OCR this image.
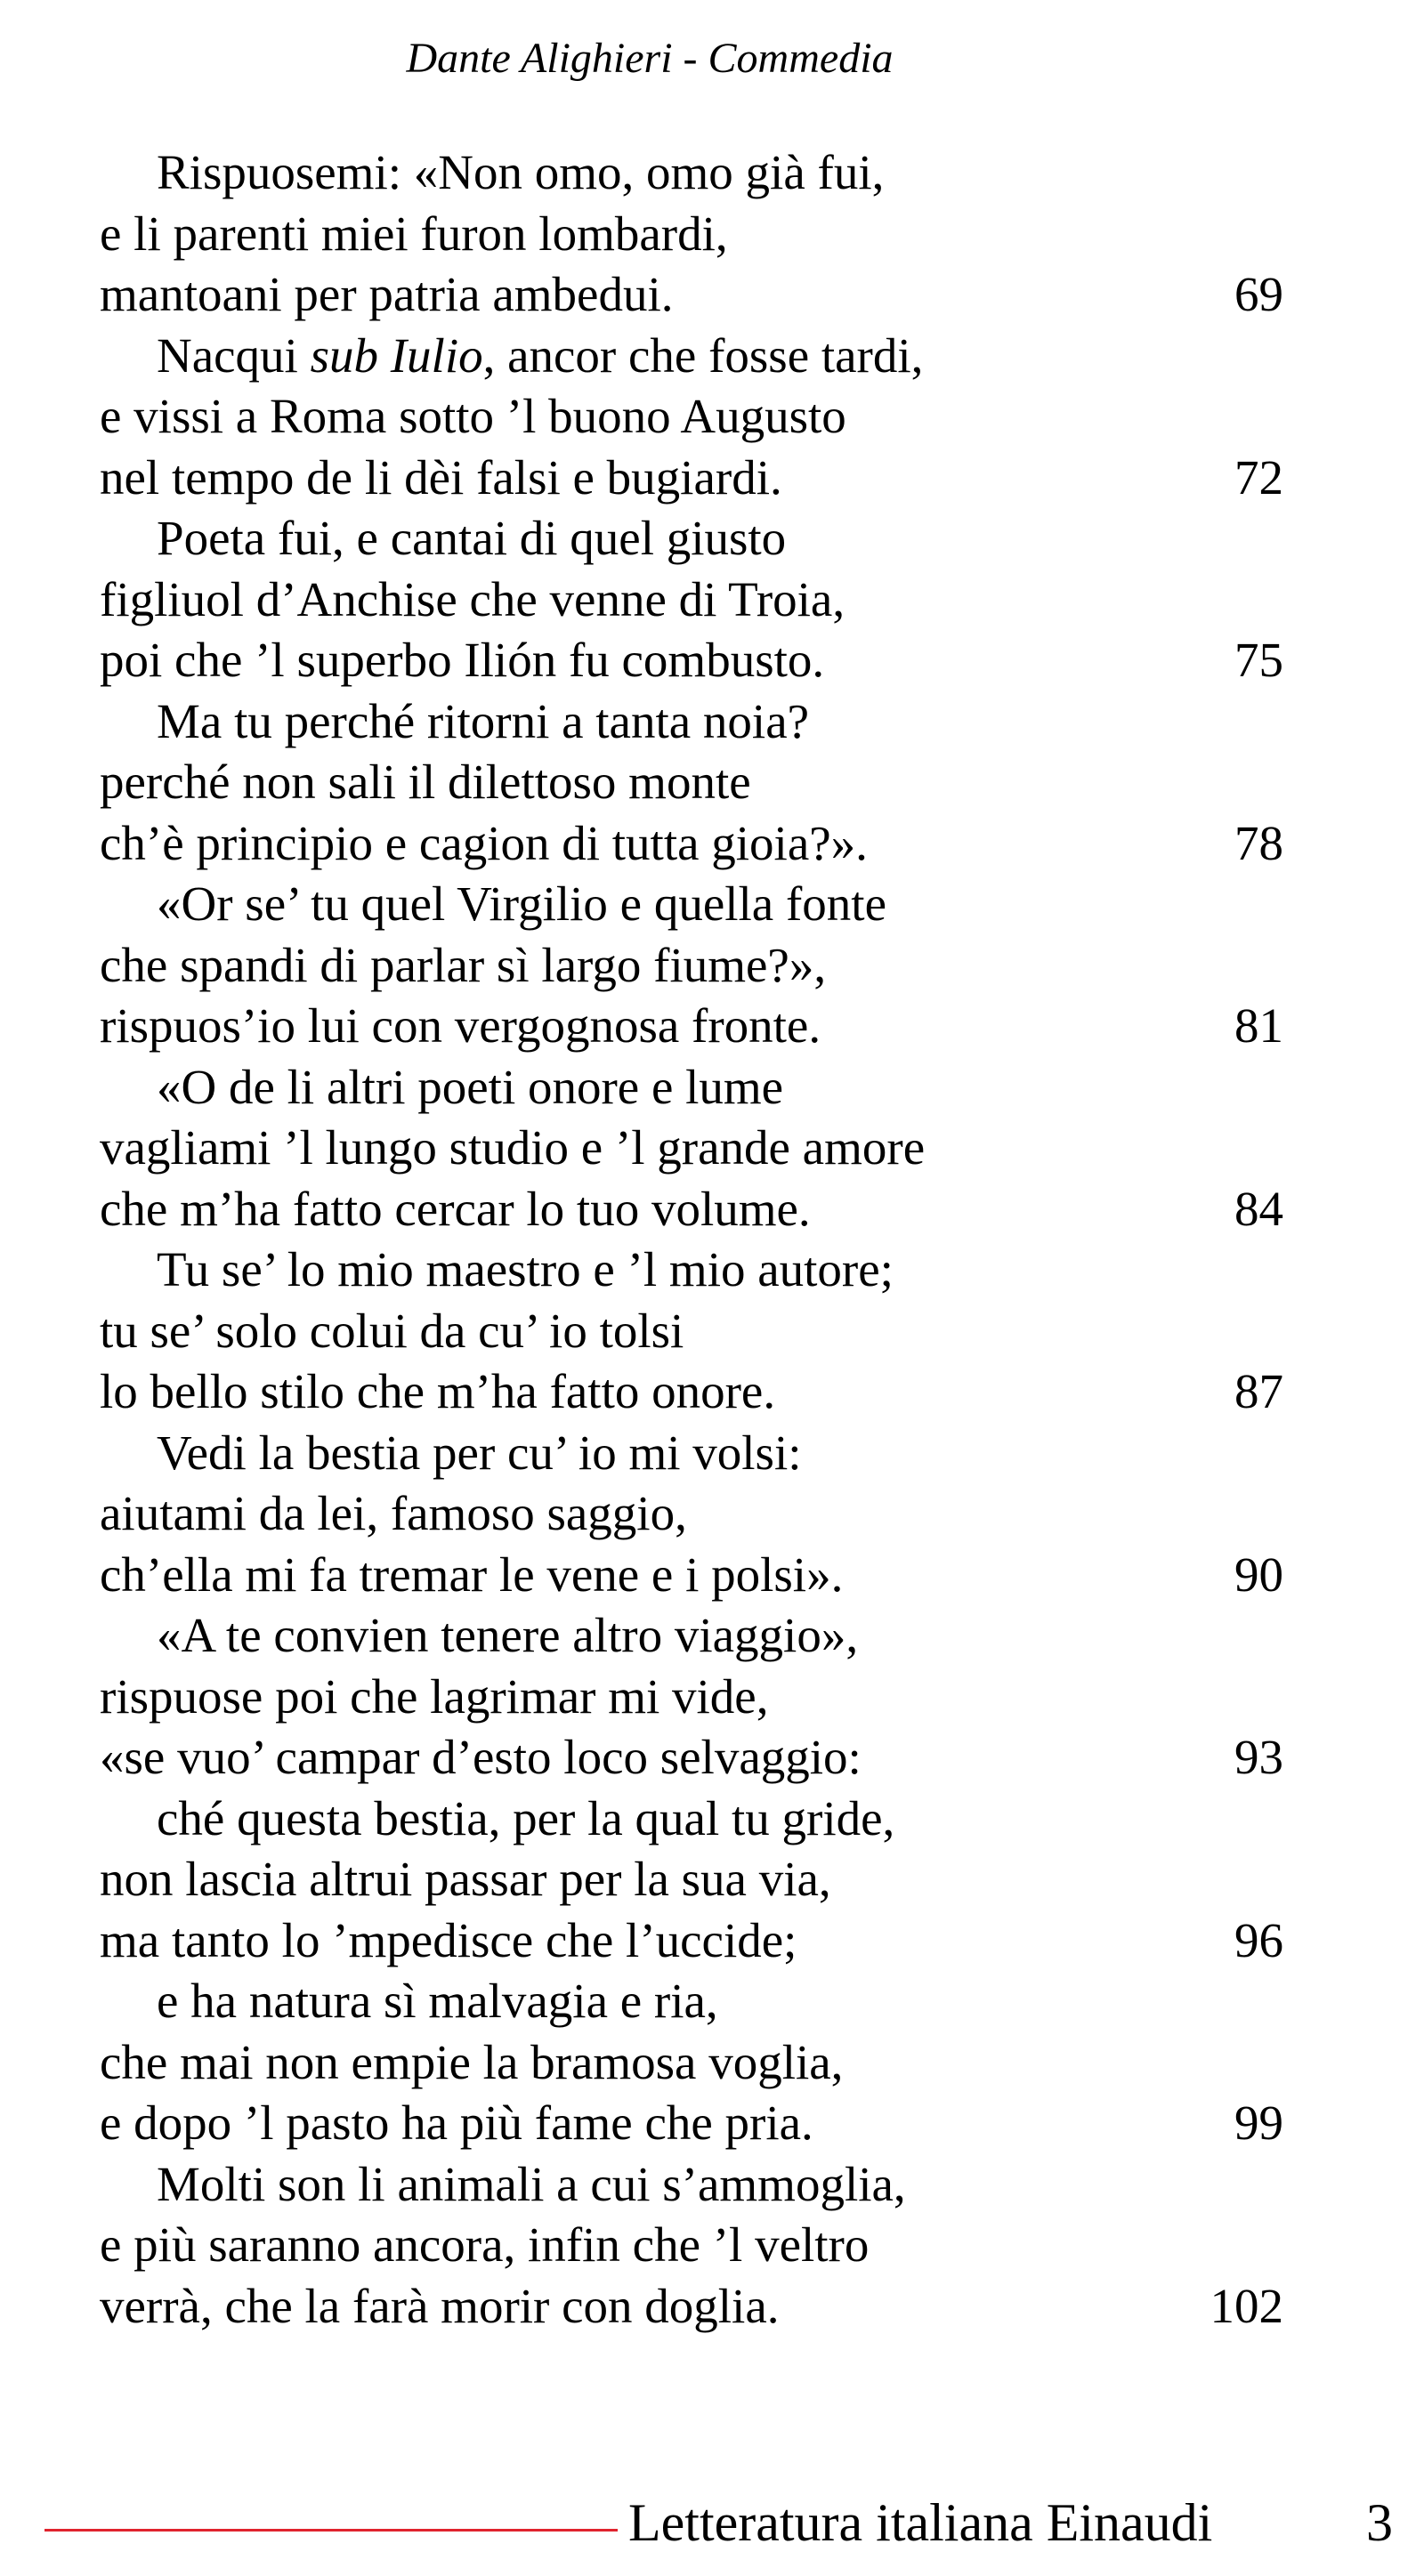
Dante Alighieri - Commedia
Rispuosemi: «Non omo, omo già fui,
e li parenti miei furon lombardi,
mantoani per patria ambedui.	69
Nacqui sub Iulio, ancor che fosse tardi,
e vissi a Roma sotto ’l buono Augusto
nel tempo de li dèi falsi e bugiardi.	72
Poeta fui, e cantai di quel giusto
figliuol d’Anchise che venne di Troia,
poi che ’l superbo Ilión fu combusto.	75
Ma tu perché ritorni a tanta noia?
perché non sali il dilettoso monte
ch’è principio e cagion di tutta gioia?».	78
«Or se’ tu quel Virgilio e quella fonte
che spandi di parlar sì largo fiume?»,
rispuos’io lui con vergognosa fronte.	81
«O de li altri poeti onore e lume
vagliami ’l lungo studio e ’l grande amore
che m’ha fatto cercar lo tuo volume.	84
Tu se’ lo mio maestro e ’l mio autore;
tu se’ solo colui da cu’ io tolsi
lo bello stilo che m’ha fatto onore.	87
Vedi la bestia per cu’ io mi volsi:
aiutami da lei, famoso saggio,
ch’ella mi fa tremar le vene e i polsi».	90
«A te convien tenere altro viaggio»,
rispuose poi che lagrimar mi vide,
«se vuo’ campar d’esto loco selvaggio:	93
ché questa bestia, per la qual tu gride,
non lascia altrui passar per la sua via,
ma tanto lo ’mpedisce che l’uccide;	96
e ha natura sì malvagia e ria,
che mai non empie la bramosa voglia,
e dopo ’l pasto ha più fame che pria.	99
Molti son li animali a cui s’ammoglia,
e più saranno ancora, infin che ’l veltro
verrà, che la farà morir con doglia.	102
Letteratura italiana Einaudi	3
